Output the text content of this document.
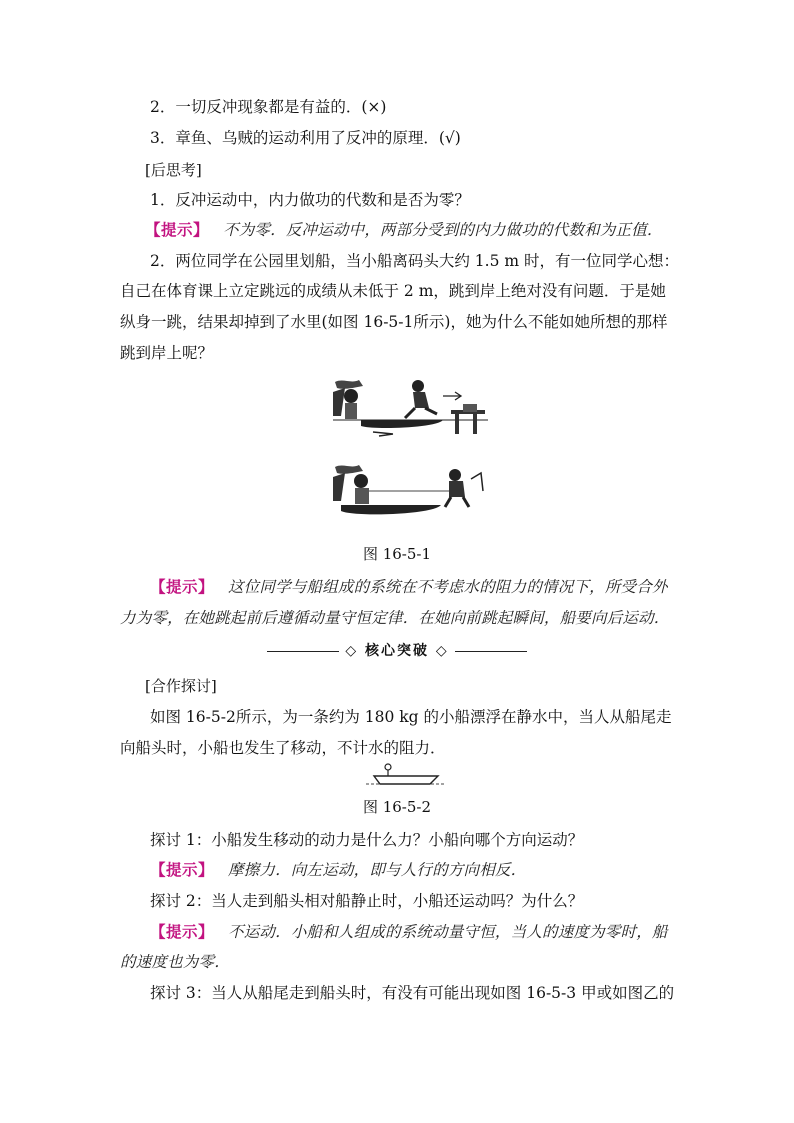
2．一切反冲现象都是有益的．(×)
3．章鱼、乌贼的运动利用了反冲的原理．(√)
[后思考]
1．反冲运动中，内力做功的代数和是否为零？
【提示】 不为零．反冲运动中，两部分受到的内力做功的代数和为正值．
2．两位同学在公园里划船，当小船离码头大约 1.5 m 时，有一位同学心想：
自己在体育课上立定跳远的成绩从未低于 2 m，跳到岸上绝对没有问题．于是她
纵身一跳，结果却掉到了水里(如图 16-5-1所示)，她为什么不能如她所想的那样
跳到岸上呢？
图 16-5-1
【提示】 这位同学与船组成的系统在不考虑水的阻力的情况下，所受合外
力为零，在她跳起前后遵循动量守恒定律．在她向前跳起瞬间，船要向后运动．
◇ 核心突破 ◇
[合作探讨]
如图 16-5-2所示，为一条约为 180 kg 的小船漂浮在静水中，当人从船尾走
向船头时，小船也发生了移动，不计水的阻力．
图 16-5-2
探讨 1：小船发生移动的动力是什么力？小船向哪个方向运动？
【提示】 摩擦力．向左运动，即与人行的方向相反．
探讨 2：当人走到船头相对船静止时，小船还运动吗？为什么？
【提示】 不运动．小船和人组成的系统动量守恒，当人的速度为零时，船
的速度也为零．
探讨 3：当人从船尾走到船头时，有没有可能出现如图 16-5-3 甲或如图乙的
